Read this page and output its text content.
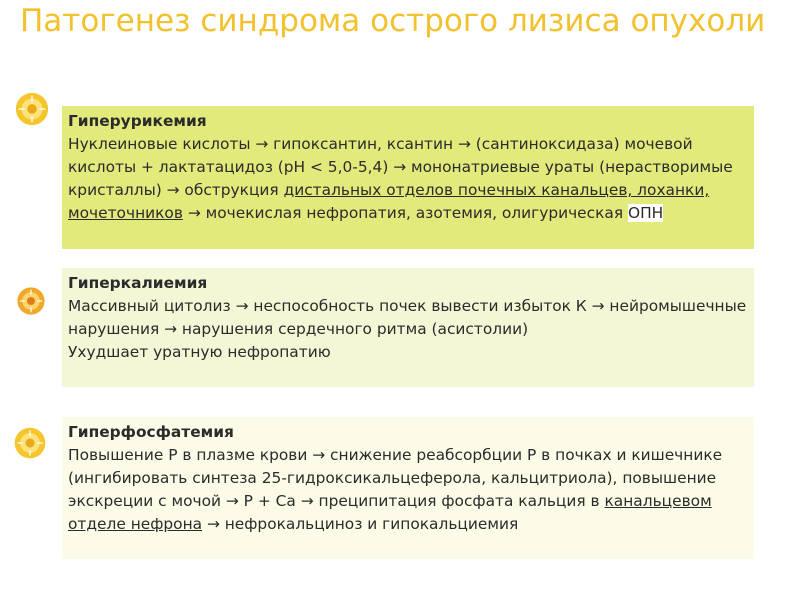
Патогенез синдрома острого лизиса опухоли
Гиперурикемия
Нуклеиновые кислоты → гипоксантин, ксантин → (сантиноксидаза) мочевой кислоты + лактатацидоз (pH < 5,0-5,4) → мононатриевые ураты (нерастворимые кристаллы) → обструкция дистальных отделов почечных канальцев, лоханки, мочеточников → мочекислая нефропатия, азотемия, олигурическая ОПН
Гиперкалиемия
Массивный цитолиз → неспособность почек вывести избыток К → нейромышечные нарушения → нарушения сердечного ритма (асистолии)
Ухудшает уратную нефропатию
Гиперфосфатемия
Повышение Р в плазме крови → снижение реабсорбции Р в почках и кишечнике (ингибировать синтеза 25-гидроксикальцеферола, кальцитриола), повышение экскреции с мочой → P + Ca → преципитация фосфата кальция в канальцевом отделе нефрона → нефрокальциноз и гипокальциемия
